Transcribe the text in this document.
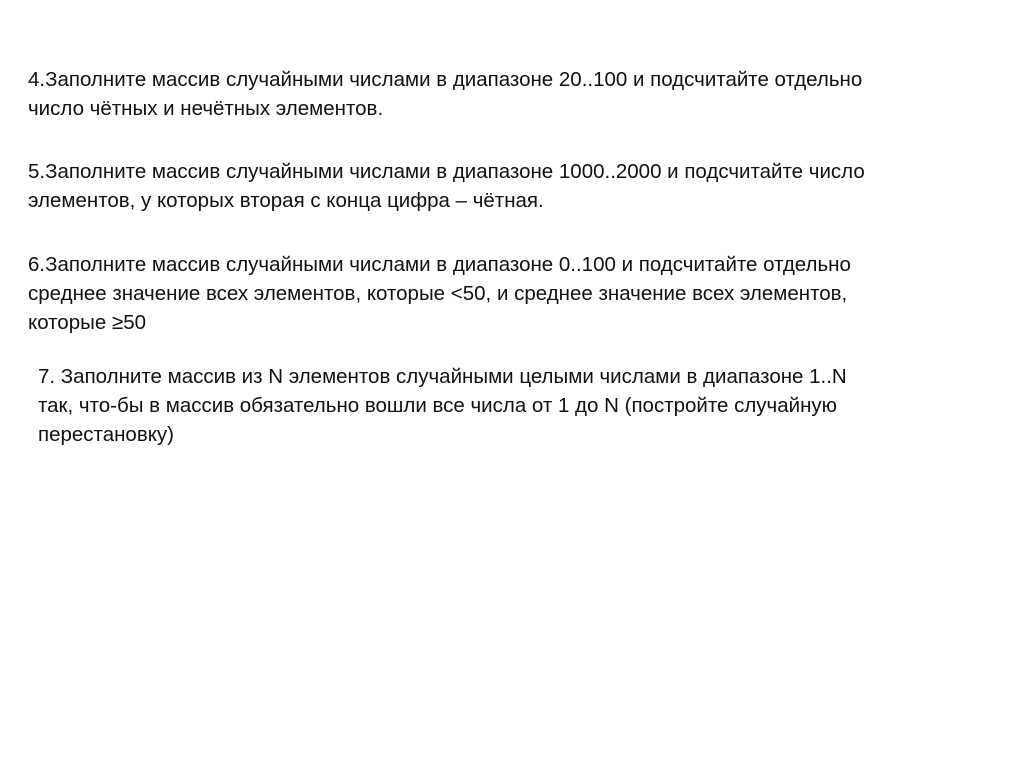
4.Заполните массив случайными числами в диапазоне 20..100 и подсчитайте отдельно
число чётных и нечётных элементов.

5.Заполните массив случайными числами в диапазоне 1000..2000 и подсчитайте число
элементов, у которых вторая с конца цифра – чётная.

6.Заполните массив случайными числами в диапазоне 0..100 и подсчитайте отдельно
среднее значение всех элементов, которые <50, и среднее значение всех элементов,
которые ≥50

7. Заполните массив из N элементов случайными целыми числами в диапазоне 1..N
так, что-бы в массив обязательно вошли все числа от 1 до N (постройте случайную
перестановку)
